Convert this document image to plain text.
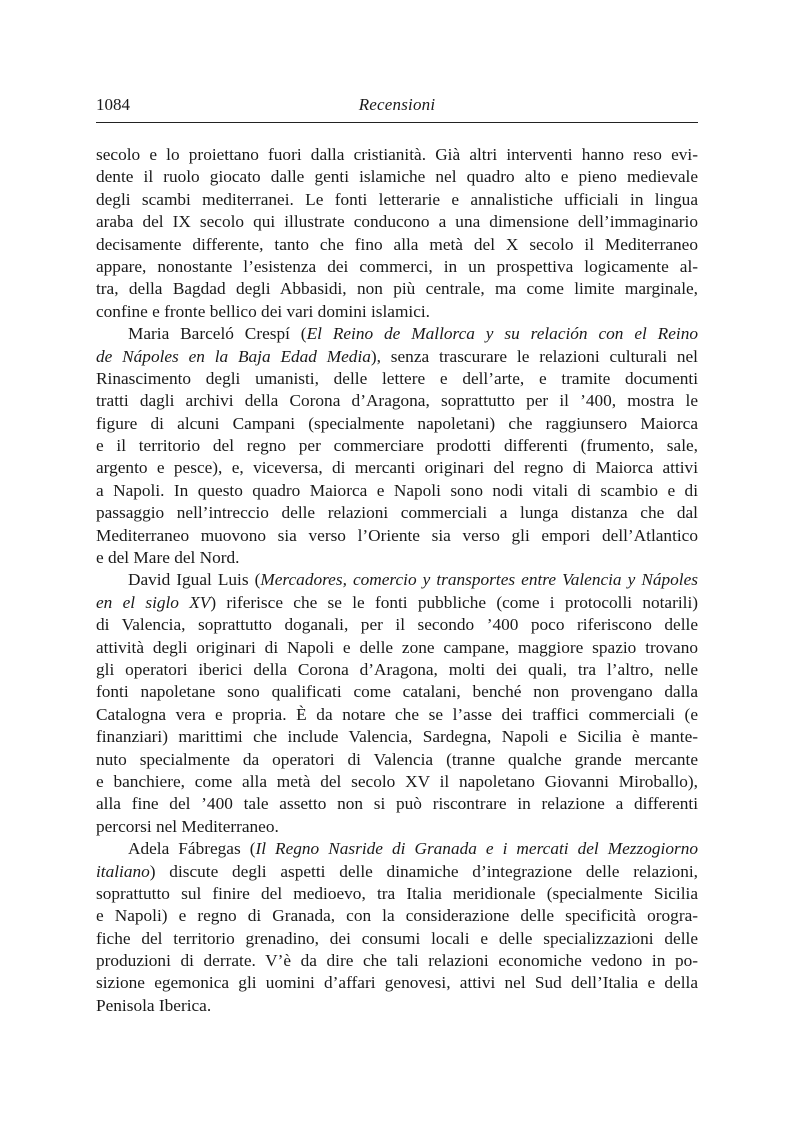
1084	Recensioni
secolo e lo proiettano fuori dalla cristianità. Già altri interventi hanno reso evi-
dente il ruolo giocato dalle genti islamiche nel quadro alto e pieno medievale
degli scambi mediterranei. Le fonti letterarie e annalistiche ufficiali in lingua
araba del IX secolo qui illustrate conducono a una dimensione dell’immaginario
decisamente differente, tanto che fino alla metà del X secolo il Mediterraneo
appare, nonostante l’esistenza dei commerci, in un prospettiva logicamente al-
tra, della Bagdad degli Abbasidi, non più centrale, ma come limite marginale,
confine e fronte bellico dei vari domini islamici.
Maria Barceló Crespí (El Reino de Mallorca y su relación con el Reino
de Nápoles en la Baja Edad Media), senza trascurare le relazioni culturali nel
Rinascimento degli umanisti, delle lettere e dell’arte, e tramite documenti
tratti dagli archivi della Corona d’Aragona, soprattutto per il ’400, mostra le
figure di alcuni Campani (specialmente napoletani) che raggiunsero Maiorca
e il territorio del regno per commerciare prodotti differenti (frumento, sale,
argento e pesce), e, viceversa, di mercanti originari del regno di Maiorca attivi
a Napoli. In questo quadro Maiorca e Napoli sono nodi vitali di scambio e di
passaggio nell’intreccio delle relazioni commerciali a lunga distanza che dal
Mediterraneo muovono sia verso l’Oriente sia verso gli empori dell’Atlantico
e del Mare del Nord.
David Igual Luis (Mercadores, comercio y transportes entre Valencia y Nápoles
en el siglo XV) riferisce che se le fonti pubbliche (come i protocolli notarili)
di Valencia, soprattutto doganali, per il secondo ’400 poco riferiscono delle
attività degli originari di Napoli e delle zone campane, maggiore spazio trovano
gli operatori iberici della Corona d’Aragona, molti dei quali, tra l’altro, nelle
fonti napoletane sono qualificati come catalani, benché non provengano dalla
Catalogna vera e propria. È da notare che se l’asse dei traffici commerciali (e
finanziari) marittimi che include Valencia, Sardegna, Napoli e Sicilia è mante-
nuto specialmente da operatori di Valencia (tranne qualche grande mercante
e banchiere, come alla metà del secolo XV il napoletano Giovanni Miroballo),
alla fine del ’400 tale assetto non si può riscontrare in relazione a differenti
percorsi nel Mediterraneo.
Adela Fábregas (Il Regno Nasride di Granada e i mercati del Mezzogiorno
italiano) discute degli aspetti delle dinamiche d’integrazione delle relazioni,
soprattutto sul finire del medioevo, tra Italia meridionale (specialmente Sicilia
e Napoli) e regno di Granada, con la considerazione delle specificità orogra-
fiche del territorio grenadino, dei consumi locali e delle specializzazioni delle
produzioni di derrate. V’è da dire che tali relazioni economiche vedono in po-
sizione egemonica gli uomini d’affari genovesi, attivi nel Sud dell’Italia e della
Penisola Iberica.
